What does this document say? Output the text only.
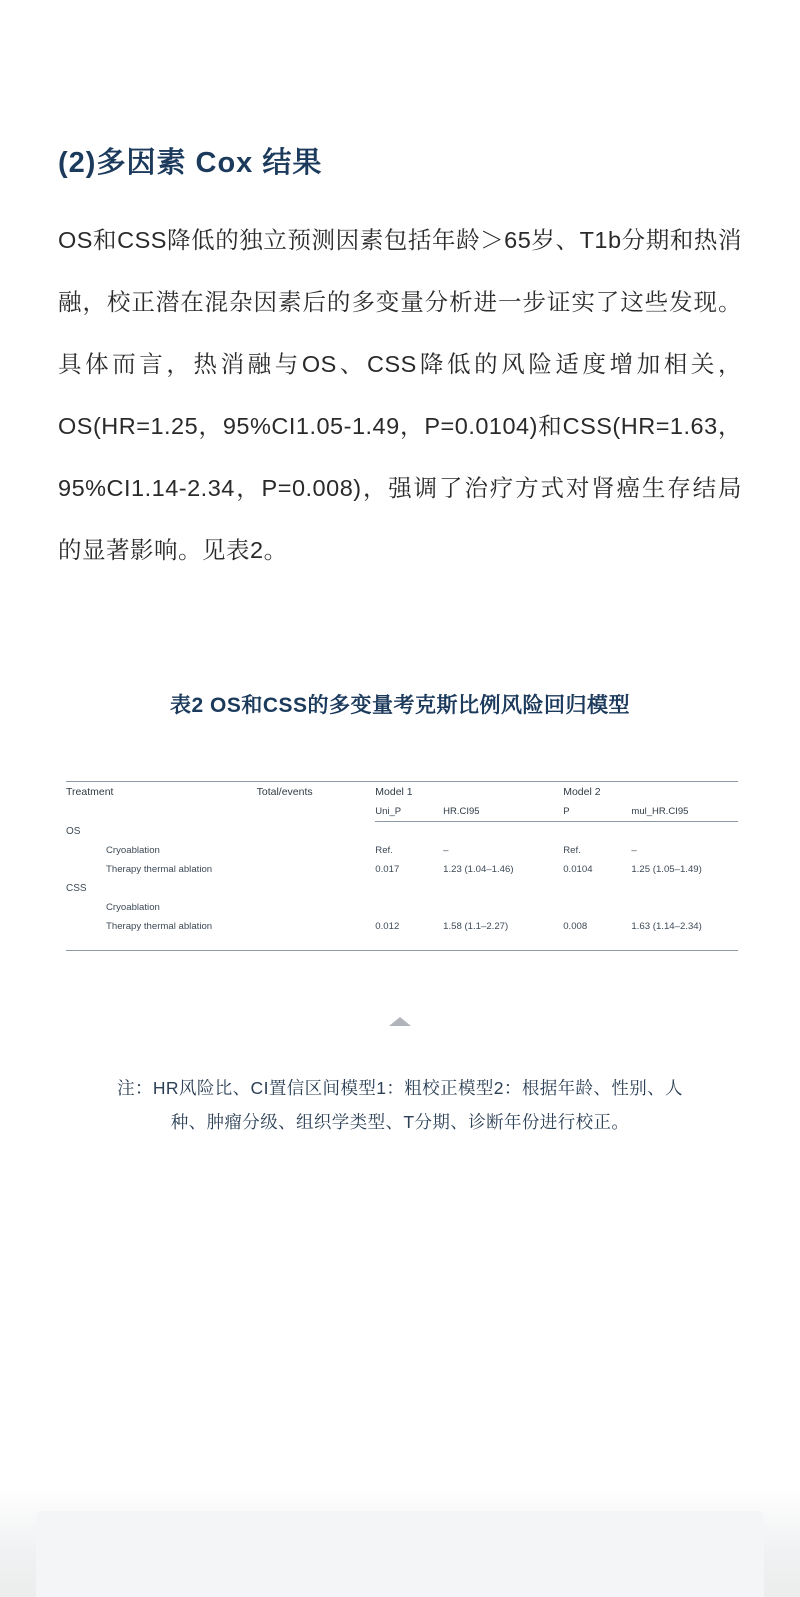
(2)多因素 Cox 结果

OS和CSS降低的独立预测因素包括年龄＞65岁、T1b分期和热消融，校正潜在混杂因素后的多变量分析进一步证实了这些发现。具体而言，热消融与OS、CSS降低的风险适度增加相关，OS(HR=1.25，95%CI1.05-1.49，P=0.0104)和CSS(HR=1.63，95%CI1.14-2.34，P=0.008)，强调了治疗方式对肾癌生存结局的显著影响。见表2。

表2 OS和CSS的多变量考克斯比例风险回归模型
Treatment	Total/events	Model 1		Model 2	
		Uni_P	HR.CI95	P	mul_HR.CI95
OS					
Cryoablation		Ref.	–	Ref.	–
Therapy thermal ablation		0.017	1.23 (1.04–1.46)	0.0104	1.25 (1.05–1.49)
CSS					
Cryoablation					
Therapy thermal ablation		0.012	1.58 (1.1–2.27)	0.008	1.63 (1.14–2.34)

注：HR风险比、CI置信区间模型1：粗校正模型2：根据年龄、性别、人种、肿瘤分级、组织学类型、T分期、诊断年份进行校正。
